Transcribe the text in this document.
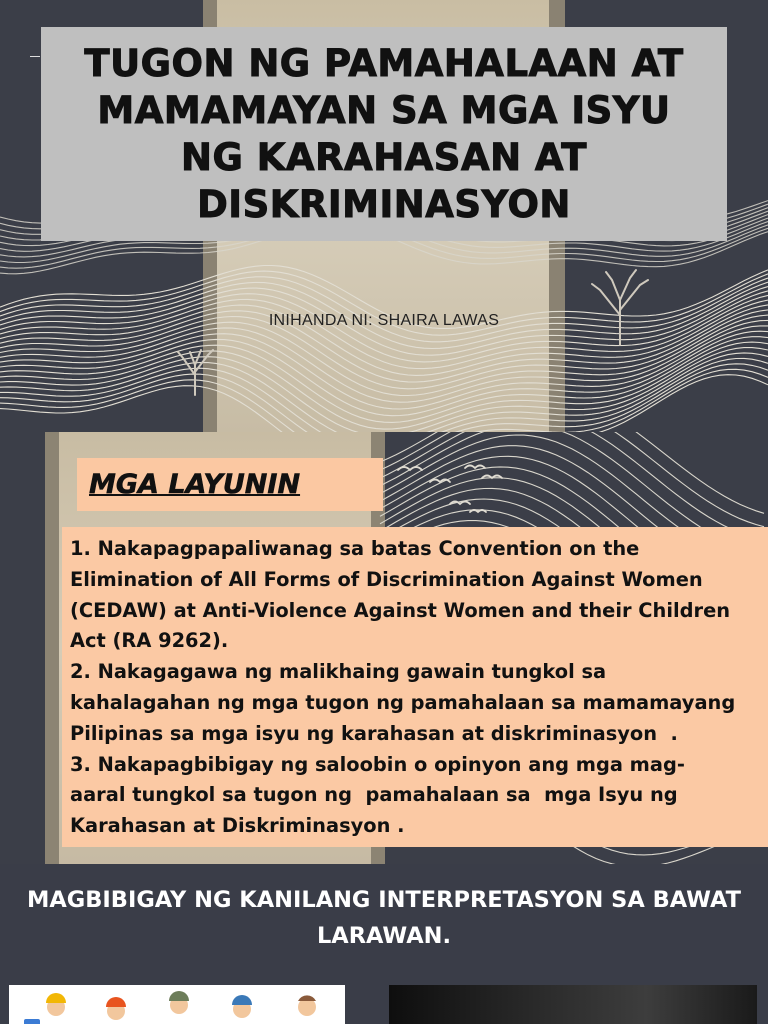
TUGON NG PAMAHALAAN AT MAMAMAYAN SA MGA ISYU NG KARAHASAN AT DISKRIMINASYON
INIHANDA NI: SHAIRA LAWAS
MGA LAYUNIN
1. Nakapagpapaliwanag sa batas Convention on the
Elimination of All Forms of Discrimination Against Women
(CEDAW) at Anti-Violence Against Women and their Children
Act (RA 9262).
2. Nakagagawa ng malikhaing gawain tungkol sa
kahalagahan ng mga tugon ng pamahalaan sa mamamayang
Pilipinas sa mga isyu ng karahasan at diskriminasyon  .
3. Nakapagbibigay ng saloobin o opinyon ang mga mag-
aaral tungkol sa tugon ng  pamahalaan sa  mga Isyu ng
Karahasan at Diskriminasyon .
MAGBIBIGAY NG KANILANG INTERPRETASYON SA BAWAT LARAWAN.
